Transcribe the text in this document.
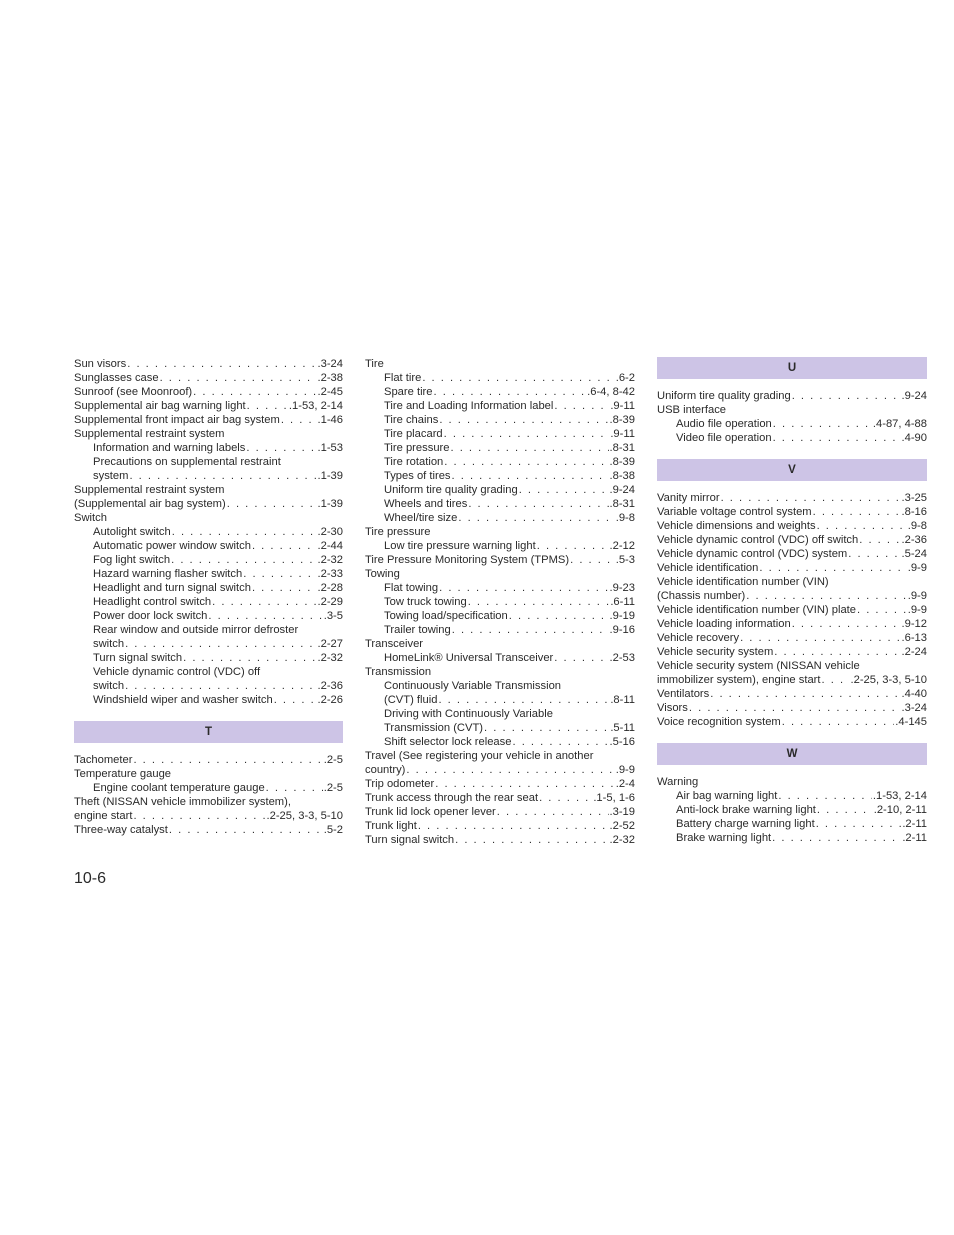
Sun visors . . .	.3-24
Sunglasses case . . .	.2-38
Sunroof (see Moonroof) . . .	.2-45
Supplemental air bag warning light . . .	.1-53, 2-14
Supplemental front impact air bag system . . .	.1-46
Supplemental restraint system
Information and warning labels . . .	.1-53
Precautions on supplemental restraint
system . . .	.1-39
Supplemental restraint system
(Supplemental air bag system) . . .	.1-39
Switch
Autolight switch . . .	.2-30
Automatic power window switch . . .	.2-44
Fog light switch . . .	.2-32
Hazard warning flasher switch . . .	.2-33
Headlight and turn signal switch . . .	.2-28
Headlight control switch . . .	.2-29
Power door lock switch . . .	.3-5
Rear window and outside mirror defroster
switch . . .	.2-27
Turn signal switch . . .	.2-32
Vehicle dynamic control (VDC) off
switch . . .	.2-36
Windshield wiper and washer switch . . .	.2-26
T
Tachometer . . .	.2-5
Temperature gauge
Engine coolant temperature gauge . . .	.2-5
Theft (NISSAN vehicle immobilizer system),
engine start . . .	.2-25, 3-3, 5-10
Three-way catalyst . . .	.5-2
Tire
Flat tire . . .	.6-2
Spare tire . . .	.6-4, 8-42
Tire and Loading Information label . . .	.9-11
Tire chains . . .	.8-39
Tire placard . . .	.9-11
Tire pressure . . .	.8-31
Tire rotation . . .	.8-39
Types of tires . . .	.8-38
Uniform tire quality grading . . .	.9-24
Wheels and tires . . .	.8-31
Wheel/tire size . . .	.9-8
Tire pressure
Low tire pressure warning light . . .	.2-12
Tire Pressure Monitoring System (TPMS) . . .	.5-3
Towing
Flat towing . . .	.9-23
Tow truck towing . . .	.6-11
Towing load/specification . . .	.9-19
Trailer towing . . .	.9-16
Transceiver
HomeLink® Universal Transceiver . . .	.2-53
Transmission
Continuously Variable Transmission
(CVT) fluid . . .	.8-11
Driving with Continuously Variable
Transmission (CVT) . . .	.5-11
Shift selector lock release . . .	.5-16
Travel (See registering your vehicle in another
country) . . .	.9-9
Trip odometer . . .	.2-4
Trunk access through the rear seat . . .	.1-5, 1-6
Trunk lid lock opener lever . . .	.3-19
Trunk light . . .	.2-52
Turn signal switch . . .	.2-32
U
Uniform tire quality grading . . .	.9-24
USB interface
Audio file operation . . .	.4-87, 4-88
Video file operation . . .	.4-90
V
Vanity mirror . . .	.3-25
Variable voltage control system . . .	.8-16
Vehicle dimensions and weights . . .	.9-8
Vehicle dynamic control (VDC) off switch . . .	.2-36
Vehicle dynamic control (VDC) system . . .	.5-24
Vehicle identification . . .	.9-9
Vehicle identification number (VIN)
(Chassis number) . . .	.9-9
Vehicle identification number (VIN) plate . . .	.9-9
Vehicle loading information . . .	.9-12
Vehicle recovery . . .	.6-13
Vehicle security system . . .	.2-24
Vehicle security system (NISSAN vehicle
immobilizer system), engine start . . .	.2-25, 3-3, 5-10
Ventilators . . .	.4-40
Visors . . .	.3-24
Voice recognition system . . .	.4-145
W
Warning
Air bag warning light . . .	.1-53, 2-14
Anti-lock brake warning light . . .	.2-10, 2-11
Battery charge warning light . . .	.2-11
Brake warning light . . .	.2-11
10-6
